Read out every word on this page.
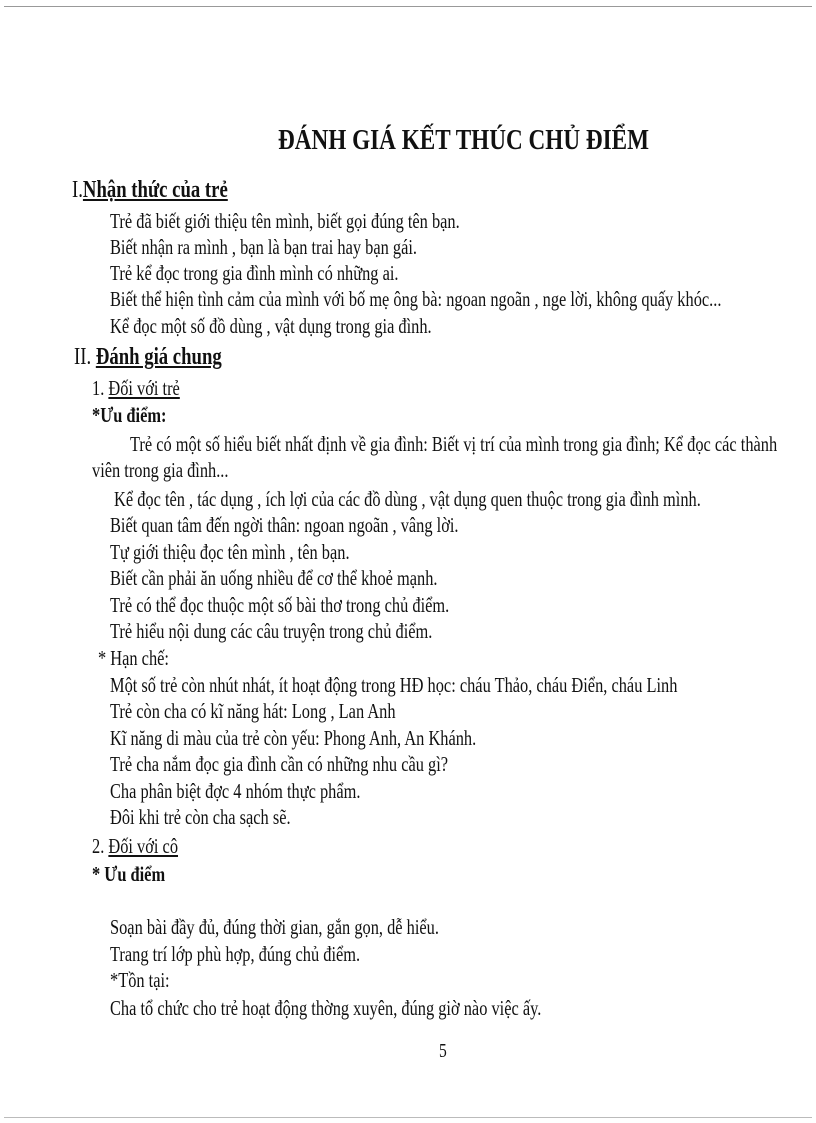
ĐÁNH GIÁ KẾT THÚC CHỦ ĐIỂM
I.Nhận thức của trẻ
Trẻ đã biết giới thiệu tên mình, biết gọi đúng tên bạn.
Biết nhận ra mình , bạn là bạn trai hay bạn gái.
Trẻ kể đọc trong gia đình mình có những ai.
Biết thể hiện tình cảm của mình với bố mẹ ông bà: ngoan ngoãn , nge lời, không quấy khóc...
Kể đọc một số đồ dùng , vật dụng trong gia đình.
II. Đánh giá chung
1. Đối với trẻ
*Ưu điểm:
Trẻ có một số hiểu biết nhất định về gia đình: Biết vị trí của mình trong gia đình; Kể đọc các thành
viên trong gia đình...
Kể đọc tên , tác dụng , ích lợi của các đồ dùng , vật dụng quen thuộc trong gia đình mình.
Biết quan tâm đến ngời thân: ngoan ngoãn , vâng lời.
Tự giới thiệu đọc tên mình , tên bạn.
Biết cần phải ăn uống nhiều để cơ thể khoẻ mạnh.
Trẻ có thể đọc thuộc một số bài thơ trong chủ điểm.
Trẻ hiểu nội dung các câu truyện trong chủ điểm.
* Hạn chế:
Một số trẻ còn nhút nhát, ít hoạt động trong HĐ học: cháu Thảo, cháu Điển, cháu Linh
Trẻ còn cha có kĩ năng hát: Long , Lan Anh
Kĩ năng di màu của trẻ còn yếu: Phong Anh, An Khánh.
Trẻ cha nắm đọc gia đình cần có những nhu cầu gì?
Cha phân biệt đợc 4 nhóm thực phẩm.
Đôi khi trẻ còn cha sạch sẽ.
2. Đối với cô
* Ưu điểm
Soạn bài đầy đủ, đúng thời gian, gắn gọn, dễ hiểu.
Trang trí lớp phù hợp, đúng chủ điểm.
*Tồn tại:
Cha tổ chức cho trẻ hoạt động thờng xuyên, đúng giờ nào việc ấy.
5
